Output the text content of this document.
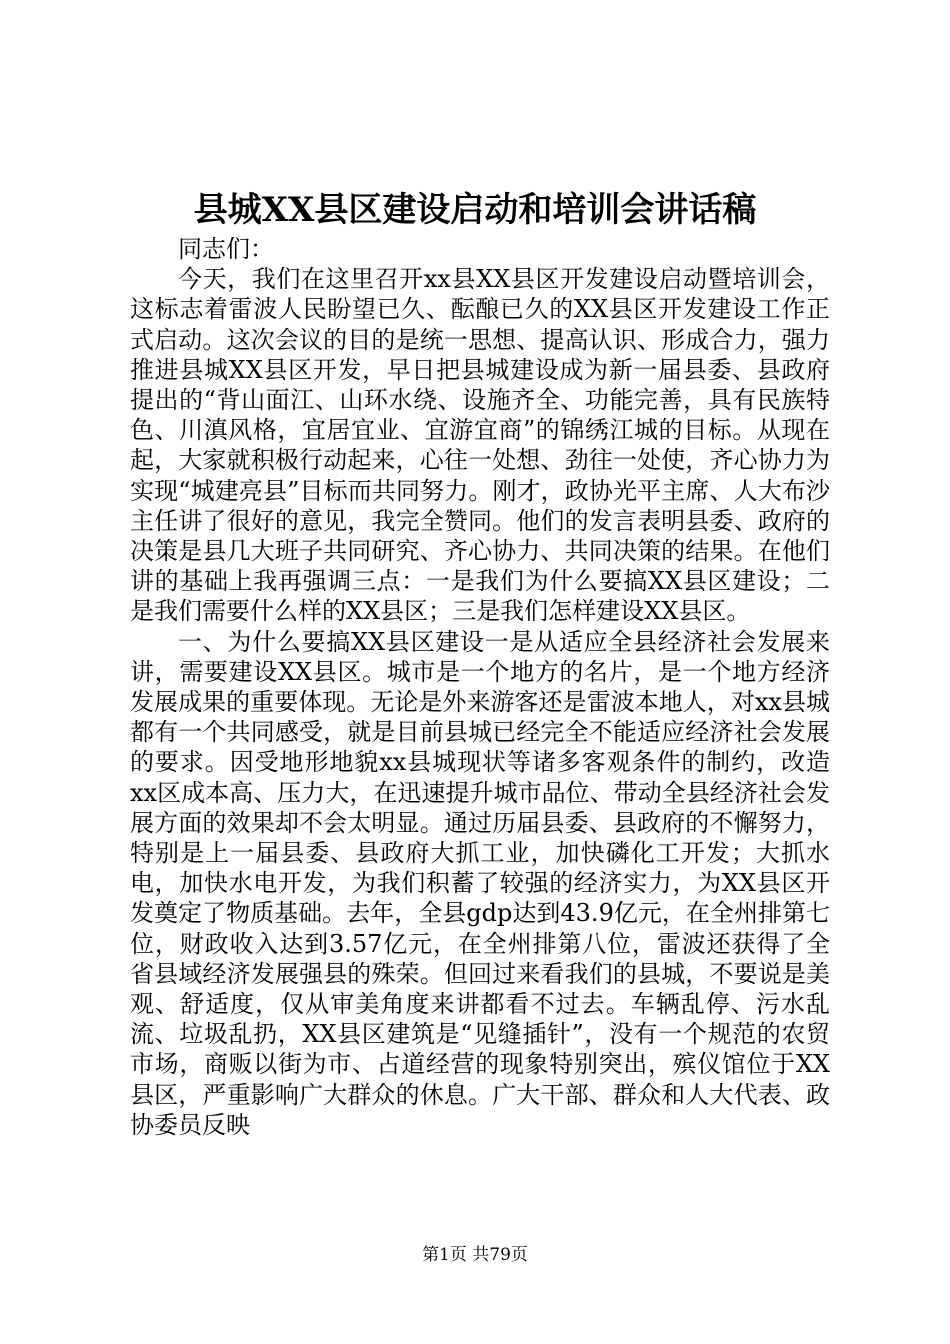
县城XX县区建设启动和培训会讲话稿

同志们：

今天，我们在这里召开xx县XX县区开发建设启动暨培训会，这标志着雷波人民盼望已久、酝酿已久的XX县区开发建设工作正式启动。这次会议的目的是统一思想、提高认识、形成合力，强力推进县城XX县区开发，早日把县城建设成为新一届县委、县政府提出的“背山面江、山环水绕、设施齐全、功能完善，具有民族特色、川滇风格，宜居宜业、宜游宜商”的锦绣江城的目标。从现在起，大家就积极行动起来，心往一处想、劲往一处使，齐心协力为实现“城建亮县”目标而共同努力。刚才，政协光平主席、人大布沙主任讲了很好的意见，我完全赞同。他们的发言表明县委、政府的决策是县几大班子共同研究、齐心协力、共同决策的结果。在他们讲的基础上我再强调三点：一是我们为什么要搞XX县区建设；二是我们需要什么样的XX县区；三是我们怎样建设XX县区。

一、为什么要搞XX县区建设一是从适应全县经济社会发展来讲，需要建设XX县区。城市是一个地方的名片，是一个地方经济发展成果的重要体现。无论是外来游客还是雷波本地人，对xx县城都有一个共同感受，就是目前县城已经完全不能适应经济社会发展的要求。因受地形地貌xx县城现状等诸多客观条件的制约，改造xx区成本高、压力大，在迅速提升城市品位、带动全县经济社会发展方面的效果却不会太明显。通过历届县委、县政府的不懈努力，特别是上一届县委、县政府大抓工业，加快磷化工开发；大抓水电，加快水电开发，为我们积蓄了较强的经济实力，为XX县区开发奠定了物质基础。去年，全县gdp达到43.9亿元，在全州排第七位，财政收入达到3.57亿元，在全州排第八位，雷波还获得了全省县域经济发展强县的殊荣。但回过来看我们的县城，不要说是美观、舒适度，仅从审美角度来讲都看不过去。车辆乱停、污水乱流、垃圾乱扔，XX县区建筑是“见缝插针”，没有一个规范的农贸市场，商贩以街为市、占道经营的现象特别突出，殡仪馆位于XX县区，严重影响广大群众的休息。广大干部、群众和人大代表、政协委员反映

第1页 共79页
